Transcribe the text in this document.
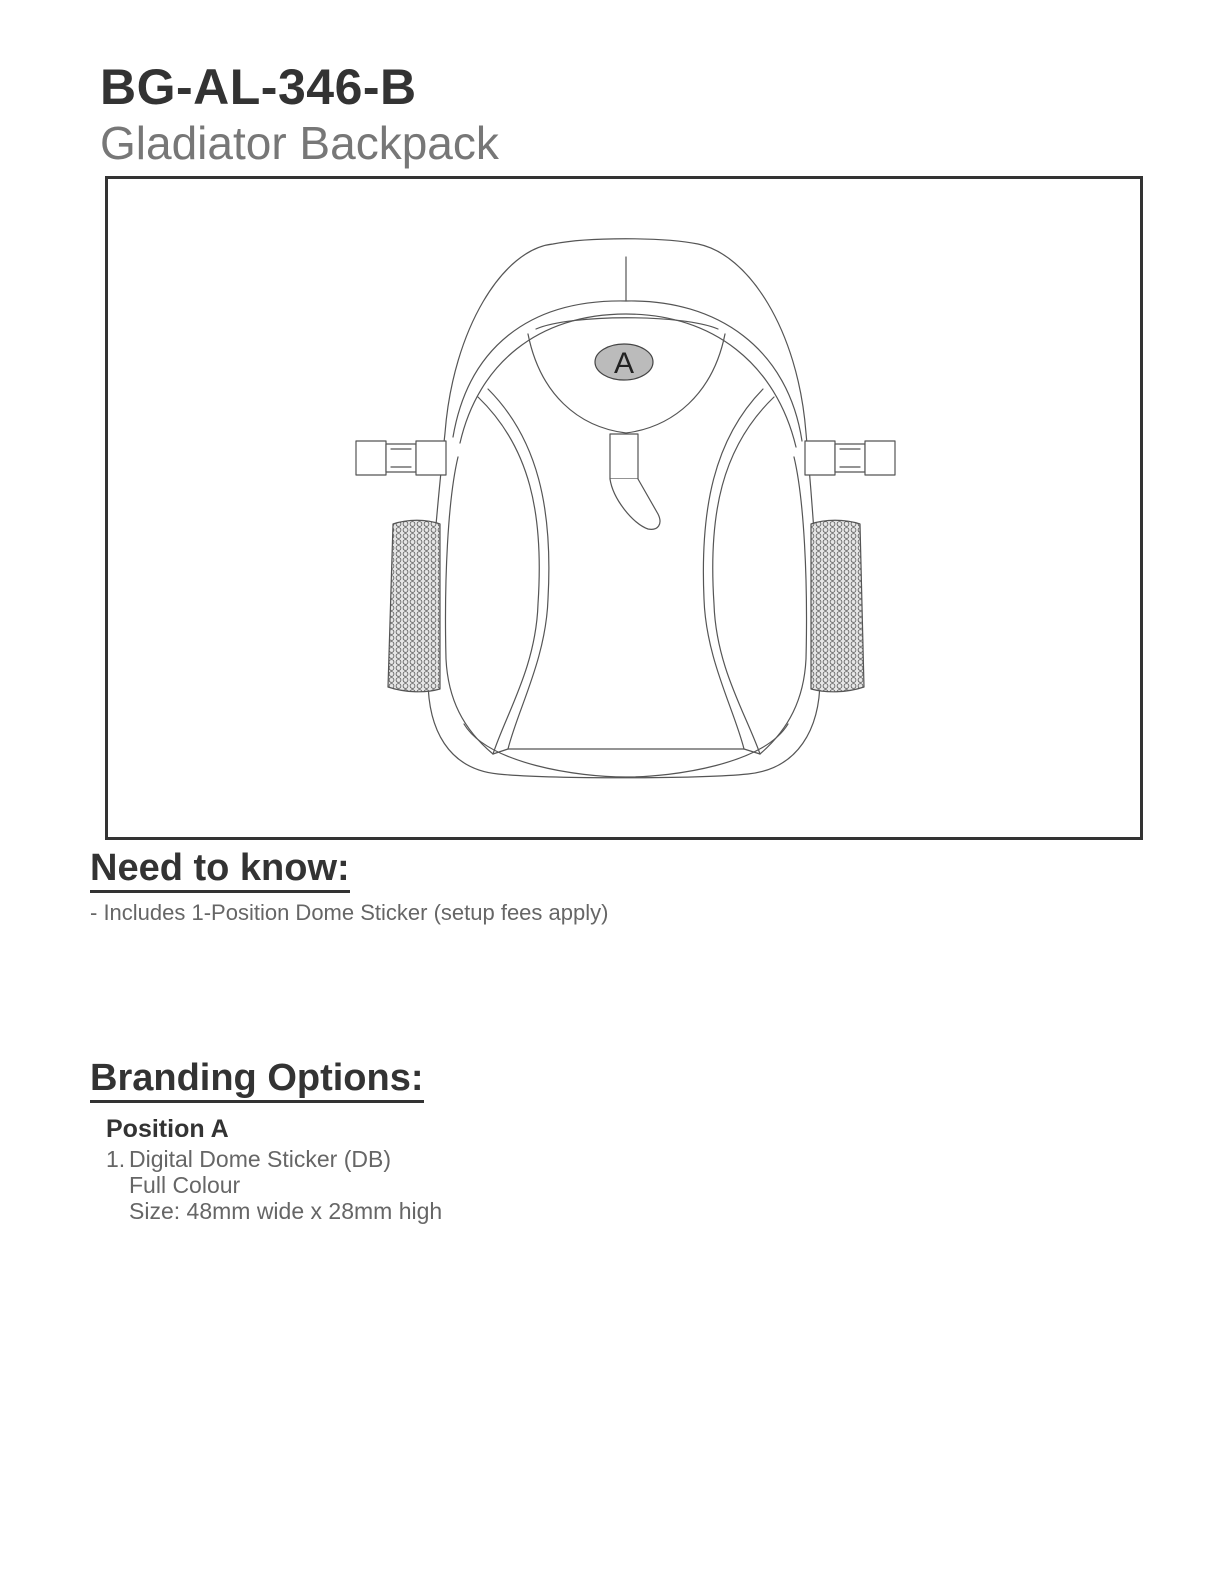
BG-AL-346-B
Gladiator Backpack
A
Need to know:

- Includes 1-Position Dome Sticker (setup fees apply)

Branding Options:

Position A

1. Digital Dome Sticker (DB)
Full Colour
Size: 48mm wide x 28mm high
